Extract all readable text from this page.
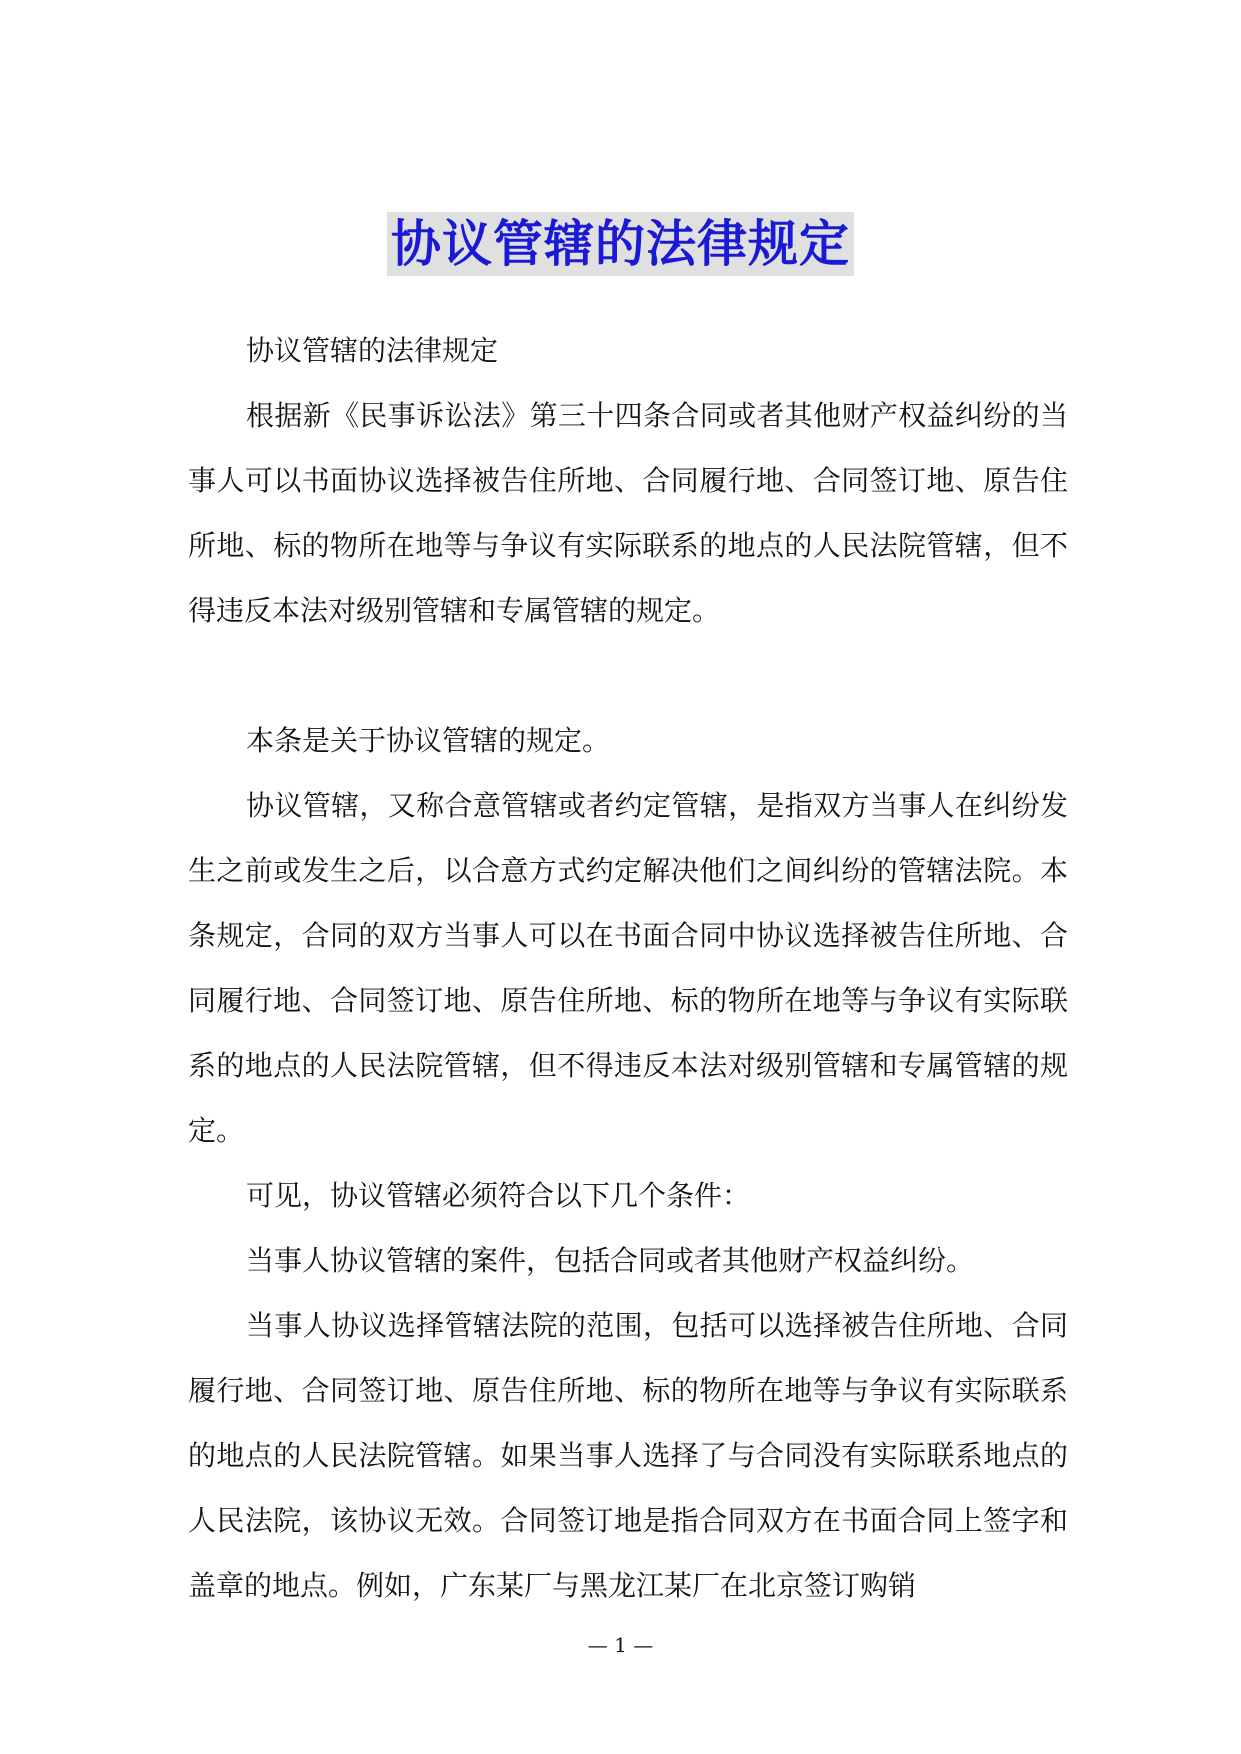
协议管辖的法律规定

协议管辖的法律规定

根据新《民事诉讼法》第三十四条合同或者其他财产权益纠纷的当事人可以书面协议选择被告住所地、合同履行地、合同签订地、原告住所地、标的物所在地等与争议有实际联系的地点的人民法院管辖，但不得违反本法对级别管辖和专属管辖的规定。

本条是关于协议管辖的规定。

协议管辖，又称合意管辖或者约定管辖，是指双方当事人在纠纷发生之前或发生之后，以合意方式约定解决他们之间纠纷的管辖法院。本条规定，合同的双方当事人可以在书面合同中协议选择被告住所地、合同履行地、合同签订地、原告住所地、标的物所在地等与争议有实际联系的地点的人民法院管辖，但不得违反本法对级别管辖和专属管辖的规定。

可见，协议管辖必须符合以下几个条件：

当事人协议管辖的案件，包括合同或者其他财产权益纠纷。

当事人协议选择管辖法院的范围，包括可以选择被告住所地、合同履行地、合同签订地、原告住所地、标的物所在地等与争议有实际联系的地点的人民法院管辖。如果当事人选择了与合同没有实际联系地点的人民法院，该协议无效。合同签订地是指合同双方在书面合同上签字和盖章的地点。例如，广东某厂与黑龙江某厂在北京签订购销

— 1 —
